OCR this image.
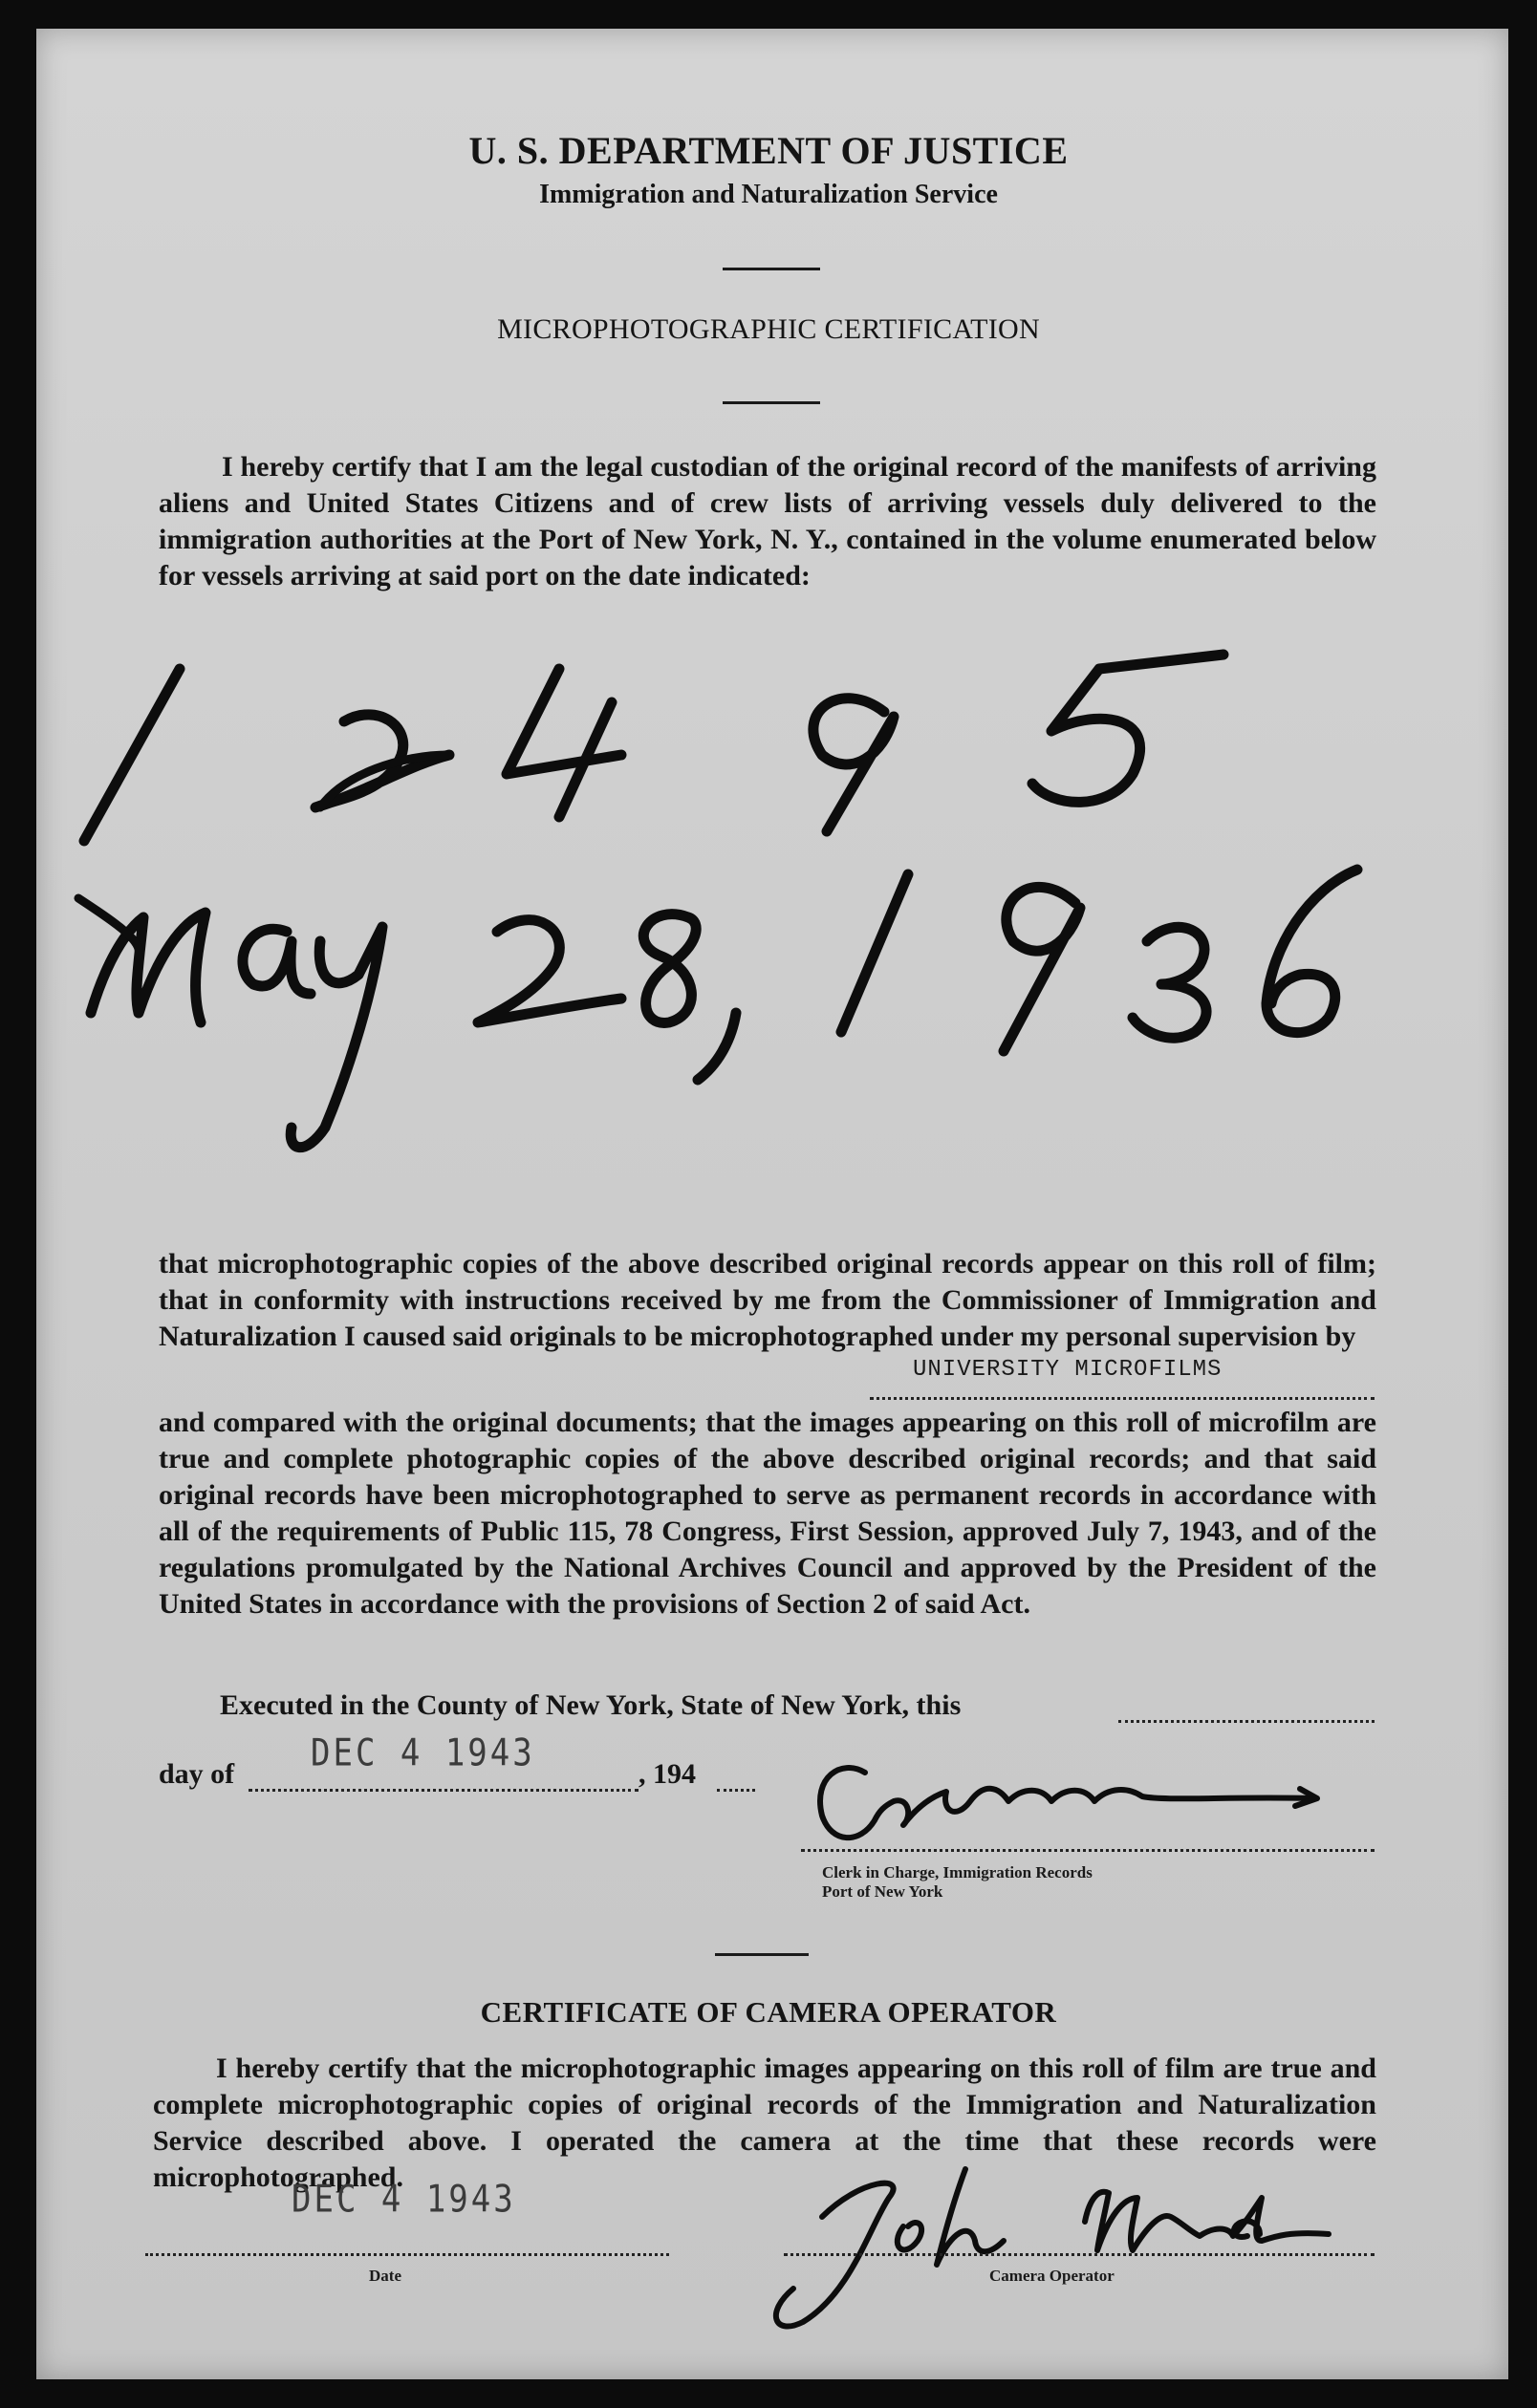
U. S. DEPARTMENT OF JUSTICE
Immigration and Naturalization Service
MICROPHOTOGRAPHIC CERTIFICATION
I hereby certify that I am the legal custodian of the original record of the manifests of arriving aliens and United States Citizens and of crew lists of arriving vessels duly delivered to the immigration authorities at the Port of New York, N. Y., contained in the volume enumerated below for vessels arriving at said port on the date indicated:
that microphotographic copies of the above described original records appear on this roll of film; that in conformity with instructions received by me from the Commissioner of Immigration and Naturalization I caused said originals to be microphotographed under my personal supervision by
UNIVERSITY MICROFILMS
and compared with the original documents; that the images appearing on this roll of microfilm are true and complete photographic copies of the above described original records; and that said original records have been microphotographed to serve as permanent records in accordance with all of the requirements of Public 115, 78 Congress, First Session, approved July 7, 1943, and of the regulations promulgated by the National Archives Council and approved by the President of the United States in accordance with the provisions of Section 2 of said Act.
Executed in the County of New York, State of New York, this
day of DEC 4 1943	, 194
Clerk in Charge, Immigration Records
Port of New York
CERTIFICATE OF CAMERA OPERATOR
I hereby certify that the microphotographic images appearing on this roll of film are true and complete microphotographic copies of original records of the Immigration and Naturalization Service described above. I operated the camera at the time that these records were microphotographed.
DEC 4 1943
Date	Camera Operator
